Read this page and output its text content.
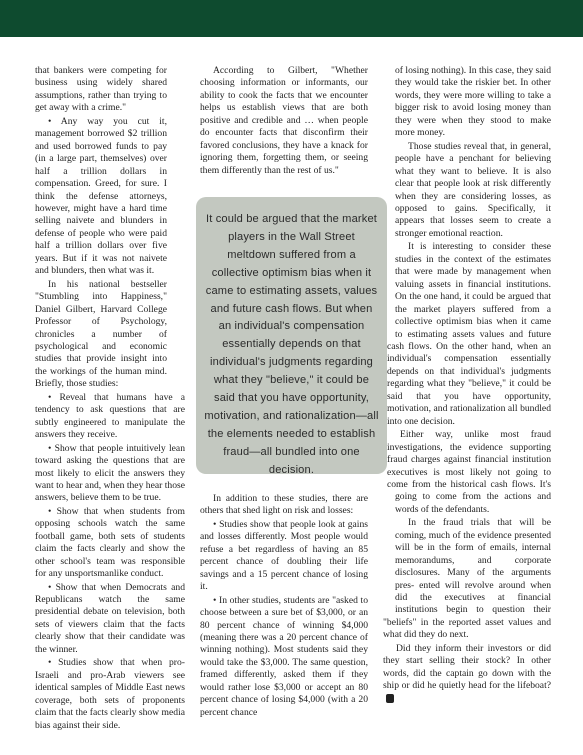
that bankers were competing for business using widely shared assumptions, rather than trying to get away with a crime."

• Any way you cut it, management borrowed $2 trillion and used borrowed funds to pay (in a large part, themselves) over half a trillion dollars in compensation. Greed, for sure. I think the defense attorneys, however, might have a hard time selling naivete and blunders in defense of people who were paid half a trillion dollars over five years. But if it was not naivete and blunders, then what was it.

In his national bestseller "Stumbling into Happiness," Daniel Gilbert, Harvard College Professor of Psychology, chronicles a number of psychological and economic studies that provide insight into the workings of the human mind. Briefly, those studies:

• Reveal that humans have a tendency to ask questions that are subtly engineered to manipulate the answers they receive.

• Show that people intuitively lean toward asking the questions that are most likely to elicit the answers they want to hear and, when they hear those answers, believe them to be true.

• Show that when students from opposing schools watch the same football game, both sets of students claim the facts clearly and show the other school's team was responsible for any unsportsmanlike conduct.

• Show that when Democrats and Republicans watch the same presidential debate on television, both sets of viewers claim that the facts clearly show that their candidate was the winner.

• Studies show that when pro-Israeli and pro-Arab viewers see identical samples of Middle East news coverage, both sets of proponents claim that the facts clearly show media bias against their side.

According to Gilbert, "Whether choosing information or informants, our ability to cook the facts that we encounter helps us establish views that are both positive and credible and … when people do encounter facts that disconfirm their favored conclusions, they have a knack for ignoring them, forgetting them, or seeing them differently than the rest of us."

In addition to these studies, there are others that shed light on risk and losses:

• Studies show that people look at gains and losses differently. Most people would refuse a bet regardless of having an 85 percent chance of doubling their life savings and a 15 percent chance of losing it.

• In other studies, students are "asked to choose between a sure bet of $3,000, or an 80 percent chance of winning $4,000 (meaning there was a 20 percent chance of winning nothing). Most students said they would take the $3,000. The same question, framed differently, asked them if they would rather lose $3,000 or accept an 80 percent chance of losing $4,000 (with a 20 percent chance

It could be argued that the market players in the Wall Street meltdown suffered from a collective optimism bias when it came to estimating assets, values and future cash flows. But when an individual's compensation essentially depends on that individual's judgments regarding what they "believe," it could be said that you have opportunity, motivation, and rationalization—all the elements needed to establish fraud—all bundled into one decision.

of losing nothing). In this case, they said they would take the riskier bet. In other words, they were more willing to take a bigger risk to avoid losing money than they were when they stood to make more money.

Those studies reveal that, in general, people have a penchant for believing what they want to believe. It is also clear that people look at risk differently when they are considering losses, as opposed to gains. Specifically, it appears that losses seem to create a stronger emotional reaction.

It is interesting to consider these studies in the context of the estimates that were made by management when valuing assets in financial institutions. On the one hand, it could be argued that the market players suffered from a collective optimism bias when it came to estimating assets values and future cash flows. On the other hand, when an individual's compensation essentially depends on that individual's judgments regarding what they "believe," it could be said that you have opportunity, motivation, and rationalization all bundled into one decision.

Either way, unlike most fraud investigations, the evidence supporting fraud charges against financial institution executives is most likely not going to come from the historical cash flows. It's going to come from the actions and words of the defendants.

In the fraud trials that will be coming, much of the evidence presented will be in the form of emails, internal memorandums, and corporate disclosures. Many of the arguments pres- ented will revolve around when did the executives at financial institutions begin to question their "beliefs" in the reported asset values and what did they do next.

Did they inform their investors or did they start selling their stock? In other words, did the captain go down with the ship or did he quietly head for the lifeboat?
